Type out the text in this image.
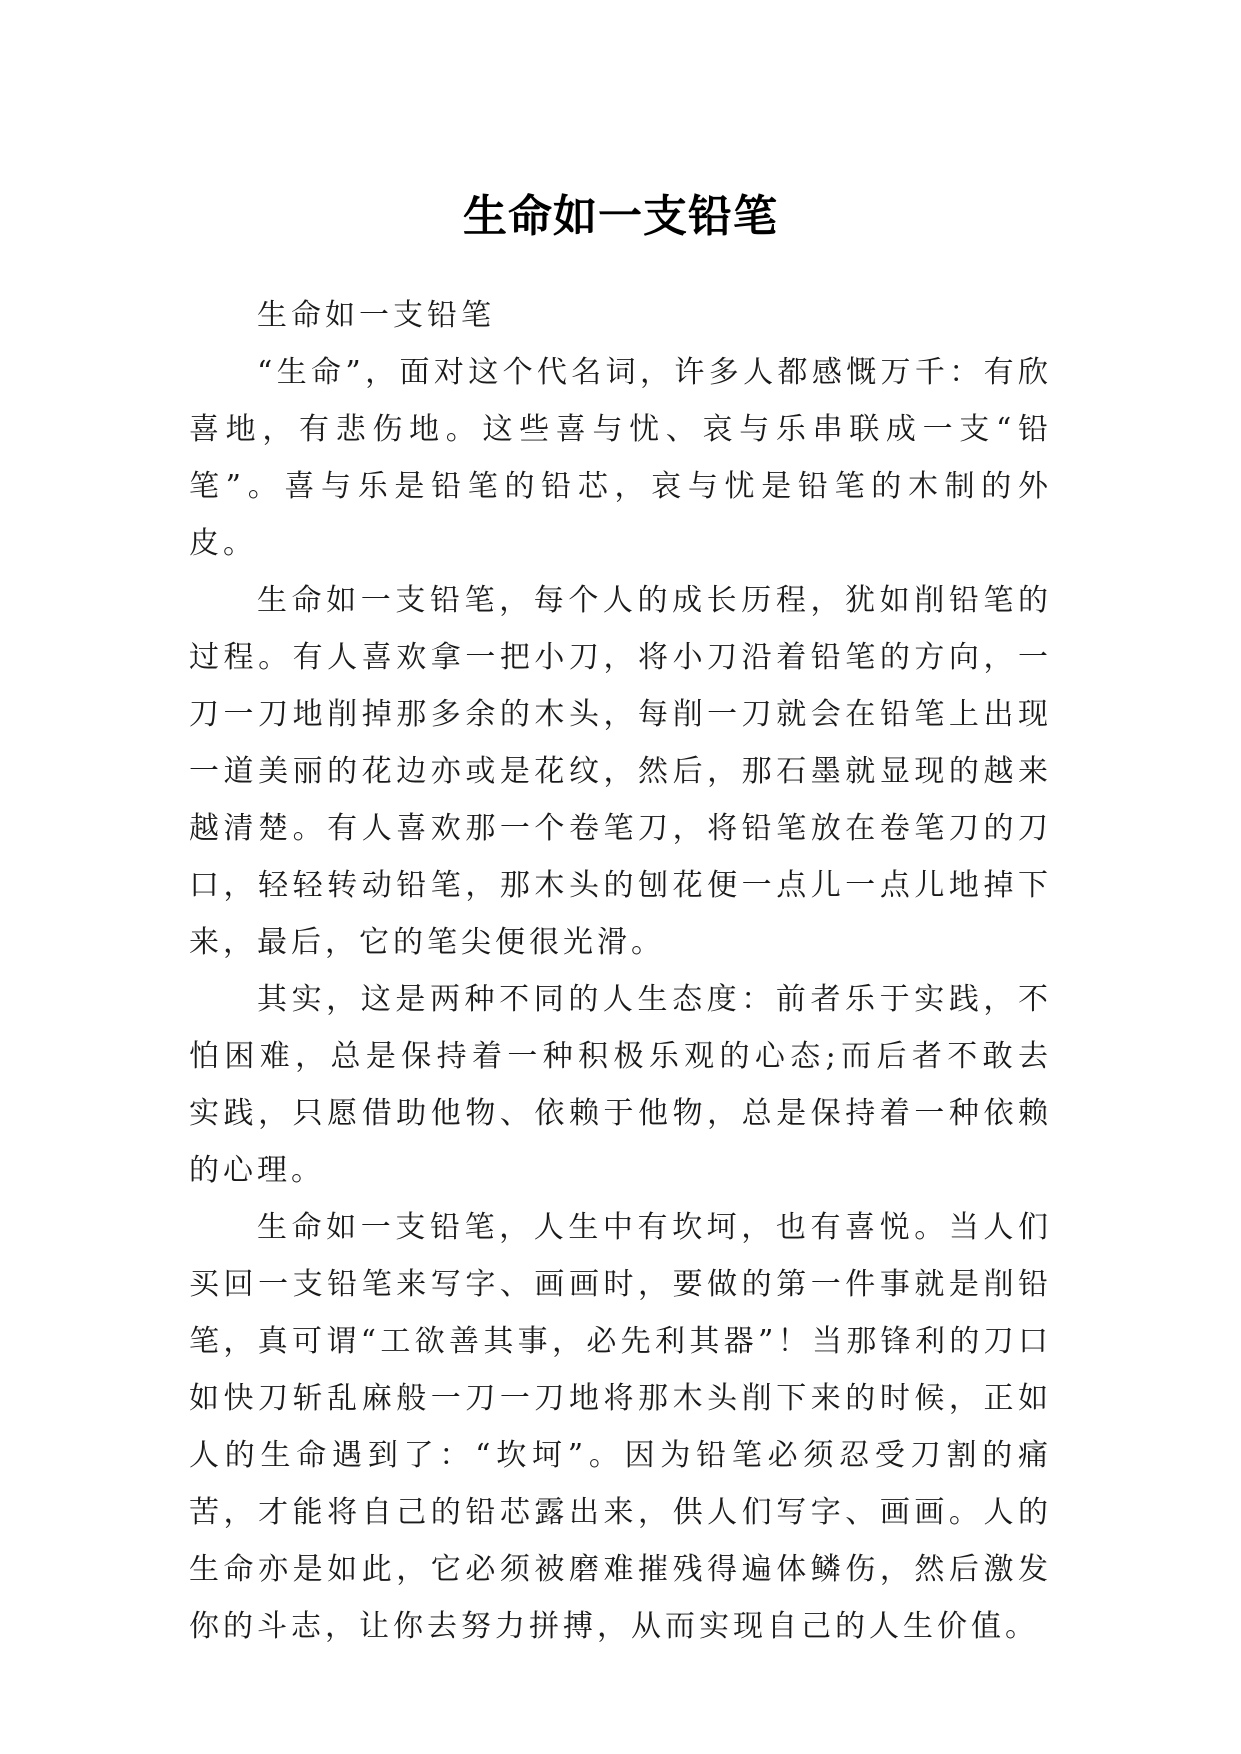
生命如一支铅笔

生命如一支铅笔

“生命”，面对这个代名词，许多人都感慨万千：有欣喜地，有悲伤地。这些喜与忧、哀与乐串联成一支“铅笔”。喜与乐是铅笔的铅芯，哀与忧是铅笔的木制的外皮。

生命如一支铅笔，每个人的成长历程，犹如削铅笔的过程。有人喜欢拿一把小刀，将小刀沿着铅笔的方向，一刀一刀地削掉那多余的木头，每削一刀就会在铅笔上出现一道美丽的花边亦或是花纹，然后，那石墨就显现的越来越清楚。有人喜欢那一个卷笔刀，将铅笔放在卷笔刀的刀口，轻轻转动铅笔，那木头的刨花便一点儿一点儿地掉下来，最后，它的笔尖便很光滑。

其实，这是两种不同的人生态度：前者乐于实践，不怕困难，总是保持着一种积极乐观的心态;而后者不敢去实践，只愿借助他物、依赖于他物，总是保持着一种依赖的心理。

生命如一支铅笔，人生中有坎坷，也有喜悦。当人们买回一支铅笔来写字、画画时，要做的第一件事就是削铅笔，真可谓“工欲善其事，必先利其器”！当那锋利的刀口如快刀斩乱麻般一刀一刀地将那木头削下来的时候，正如人的生命遇到了：“坎坷”。因为铅笔必须忍受刀割的痛苦，才能将自己的铅芯露出来，供人们写字、画画。人的生命亦是如此，它必须被磨难摧残得遍体鳞伤，然后激发你的斗志，让你去努力拼搏，从而实现自己的人生价值。
